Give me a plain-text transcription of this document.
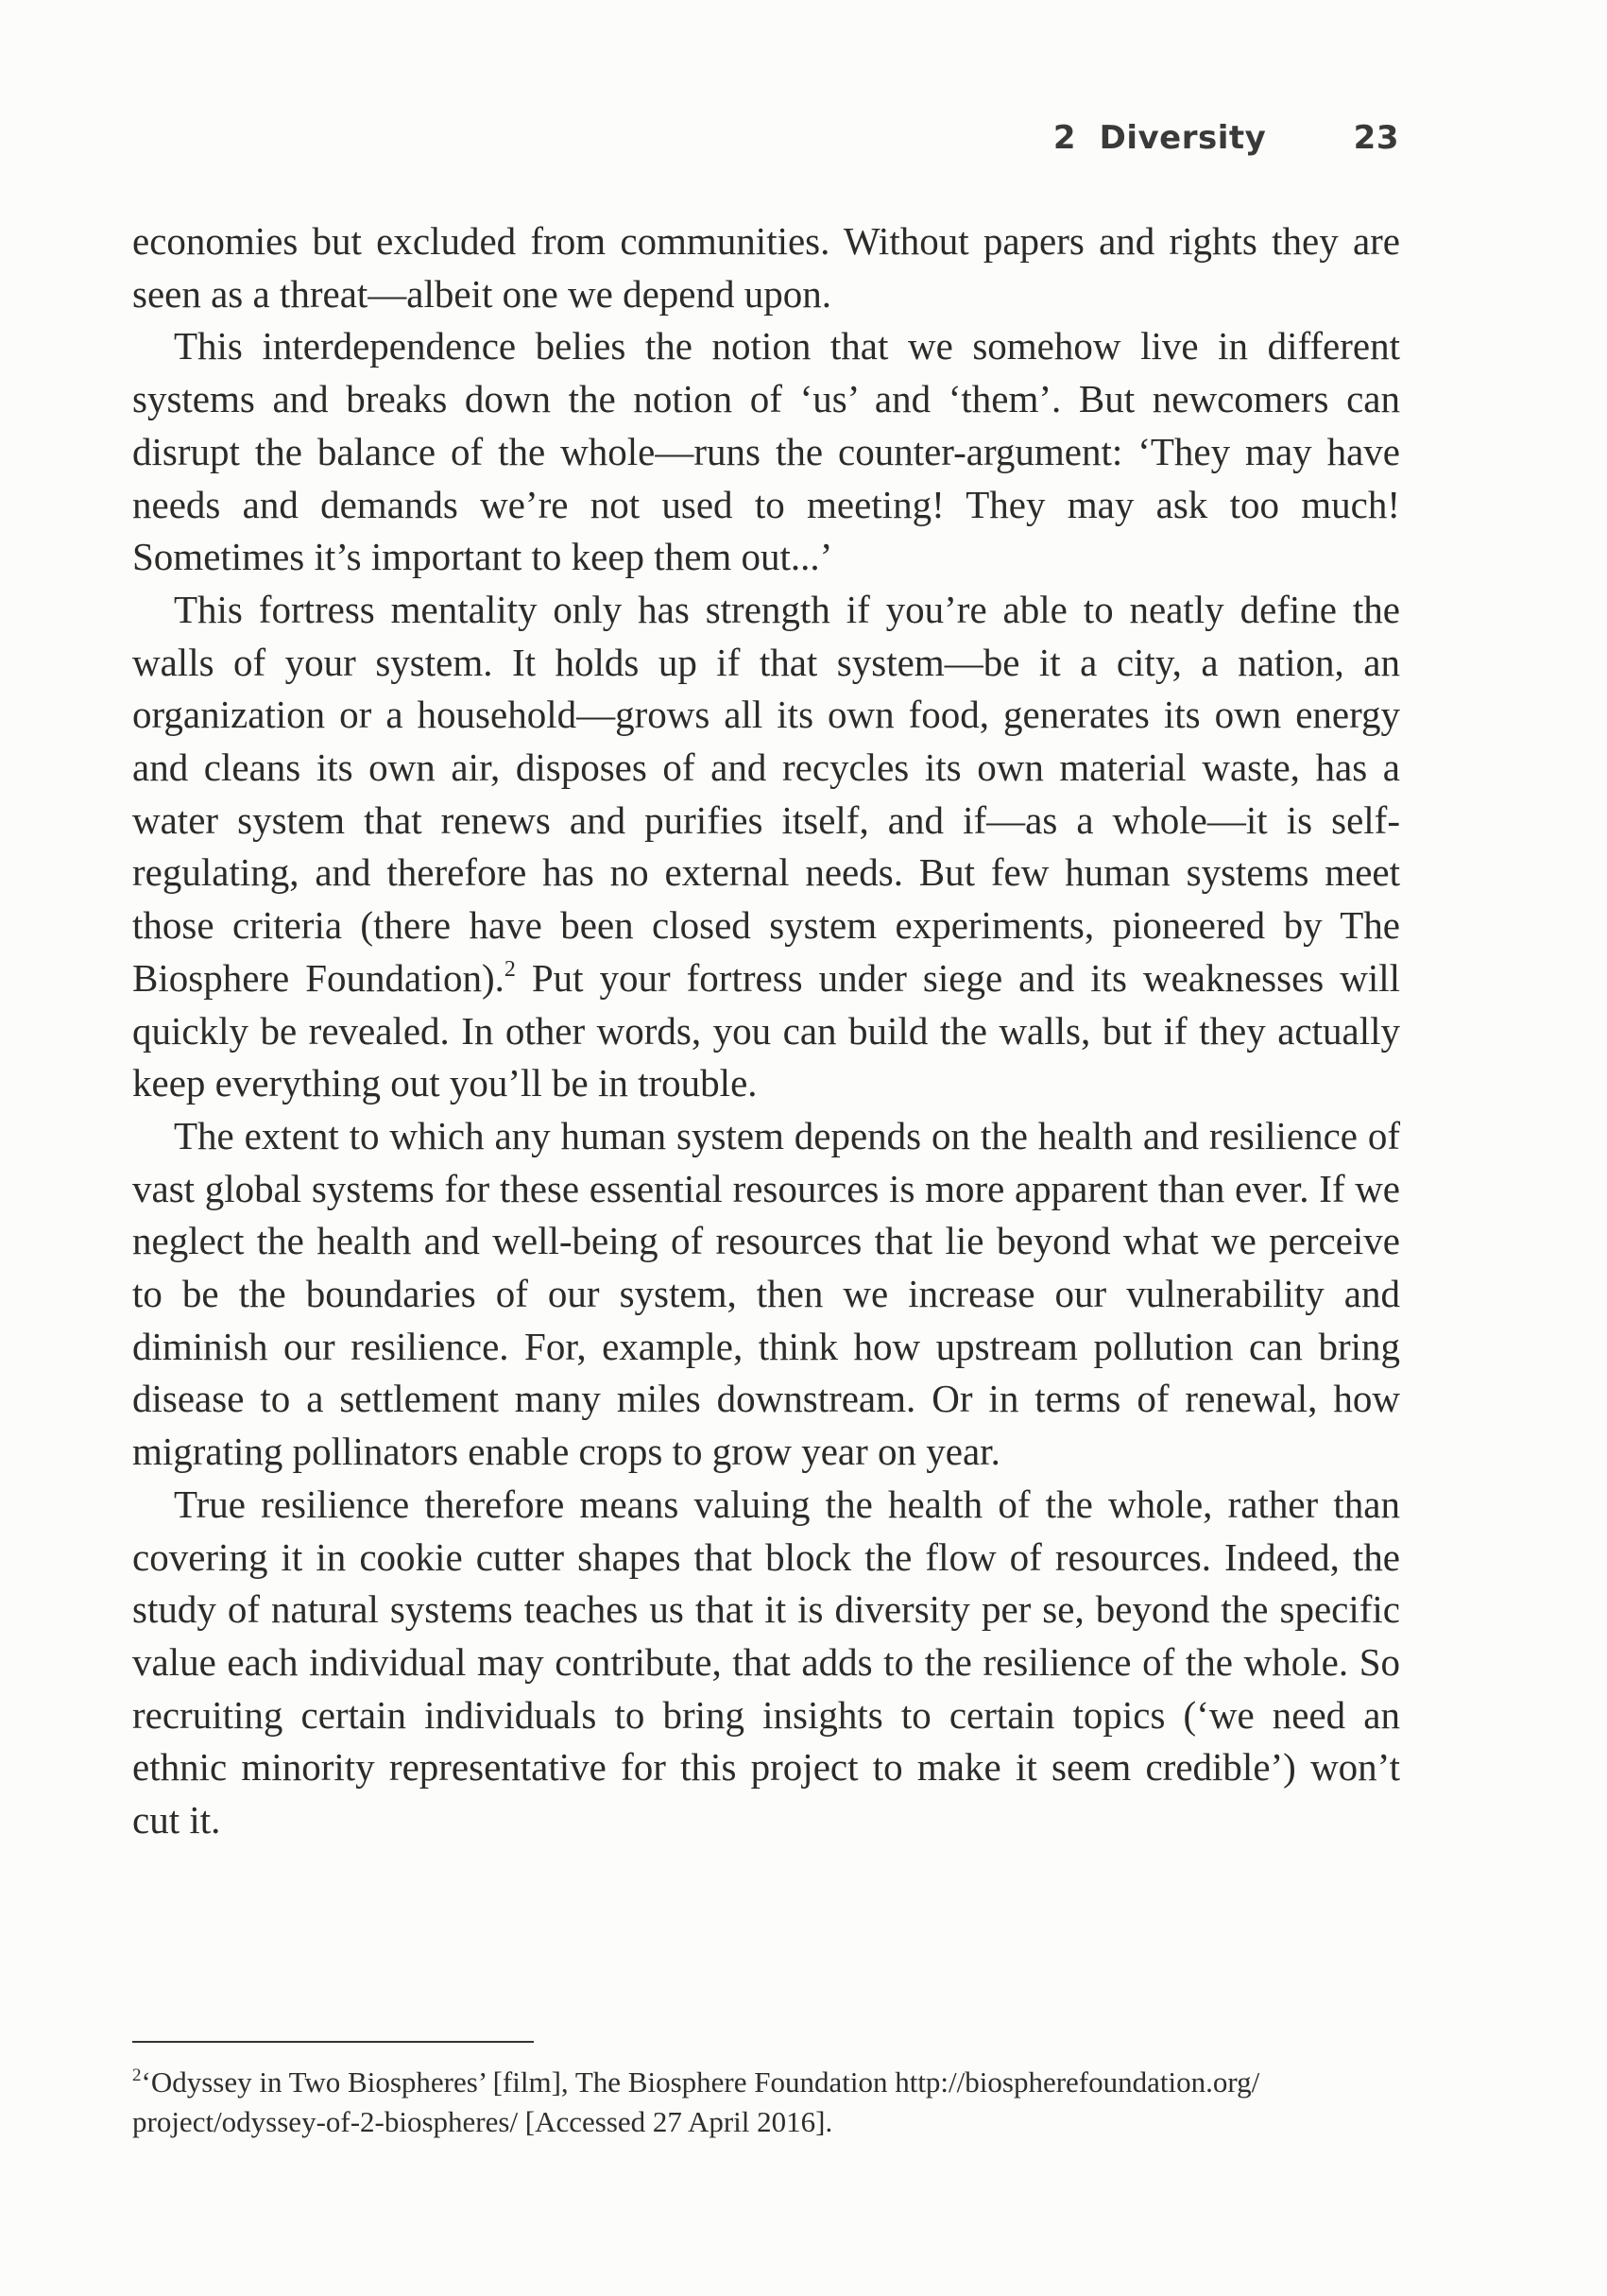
2  Diversity	23

economies but excluded from communities. Without papers and rights they are seen as a threat—albeit one we depend upon.

This interdependence belies the notion that we somehow live in different systems and breaks down the notion of ‘us’ and ‘them’. But newcomers can disrupt the balance of the whole—runs the counter-argument: ‘They may have needs and demands we’re not used to meeting! They may ask too much! Sometimes it’s important to keep them out...’

This fortress mentality only has strength if you’re able to neatly define the walls of your system. It holds up if that system—be it a city, a nation, an organization or a household—grows all its own food, generates its own energy and cleans its own air, disposes of and recycles its own material waste, has a water system that renews and purifies itself, and if—as a whole—it is self-regulating, and therefore has no external needs. But few human systems meet those criteria (there have been closed system experiments, pioneered by The Biosphere Foundation).$^2$ Put your fortress under siege and its weaknesses will quickly be revealed. In other words, you can build the walls, but if they actually keep everything out you’ll be in trouble.

The extent to which any human system depends on the health and resilience of vast global systems for these essential resources is more apparent than ever. If we neglect the health and well-being of resources that lie beyond what we perceive to be the boundaries of our system, then we increase our vulnerability and diminish our resilience. For, example, think how upstream pollution can bring disease to a settlement many miles downstream. Or in terms of renewal, how migrating pollinators enable crops to grow year on year.

True resilience therefore means valuing the health of the whole, rather than covering it in cookie cutter shapes that block the flow of resources. Indeed, the study of natural systems teaches us that it is diversity per se, beyond the specific value each individual may contribute, that adds to the resilience of the whole. So recruiting certain individuals to bring insights to certain topics (‘we need an ethnic minority representative for this project to make it seem credible’) won’t cut it.

$^2$‘Odyssey in Two Biospheres’ [film], The Biosphere Foundation http://biospherefoundation.org/ project/odyssey-of-2-biospheres/ [Accessed 27 April 2016].
